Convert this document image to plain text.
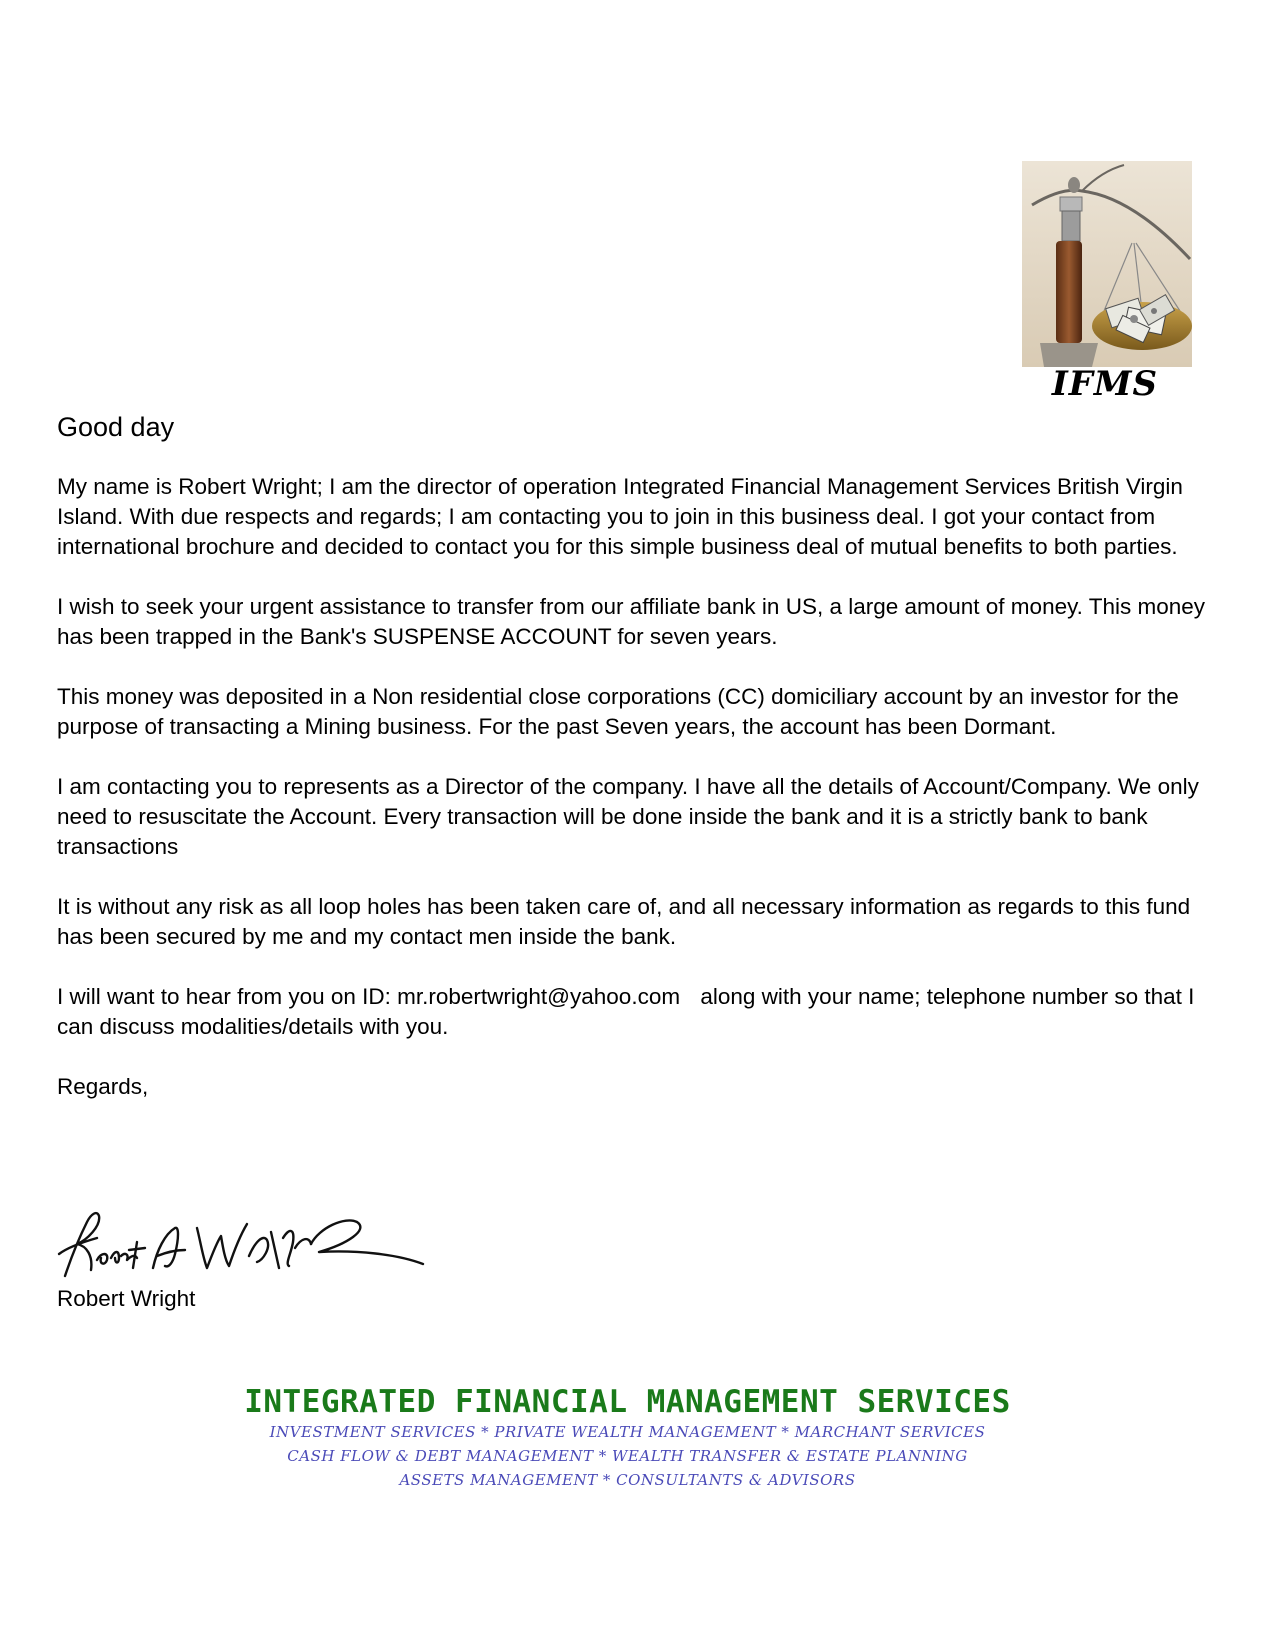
IFMS
Good day
My name is Robert Wright; I am the director of operation Integrated Financial Management Services British Virgin Island. With due respects and regards; I am contacting you to join in this business deal. I got your contact from international brochure and decided to contact you for this simple business deal of mutual benefits to both parties.
I wish to seek your urgent assistance to transfer from our affiliate bank in US, a large amount of money. This money has been trapped in the Bank's SUSPENSE ACCOUNT for seven years.
This money was deposited in a Non residential close corporations (CC) domiciliary account by an investor for the purpose of transacting a Mining business. For the past Seven years, the account has been Dormant.
I am contacting you to represents as a Director of the company. I have all the details of Account/Company. We only need to resuscitate the Account. Every transaction will be done inside the bank and it is a strictly bank to bank transactions
It is without any risk as all loop holes has been taken care of, and all necessary information as regards to this fund has been secured by me and my contact men inside the bank.
I will want to hear from you on ID: mr.robertwright@yahoo.com along with your name; telephone number so that I can discuss modalities/details with you.
Regards,
Robert Wright
INTEGRATED FINANCIAL MANAGEMENT SERVICES
INVESTMENT SERVICES * PRIVATE WEALTH MANAGEMENT * MARCHANT SERVICES
CASH FLOW & DEBT MANAGEMENT * WEALTH TRANSFER & ESTATE PLANNING
ASSETS MANAGEMENT * CONSULTANTS & ADVISORS
